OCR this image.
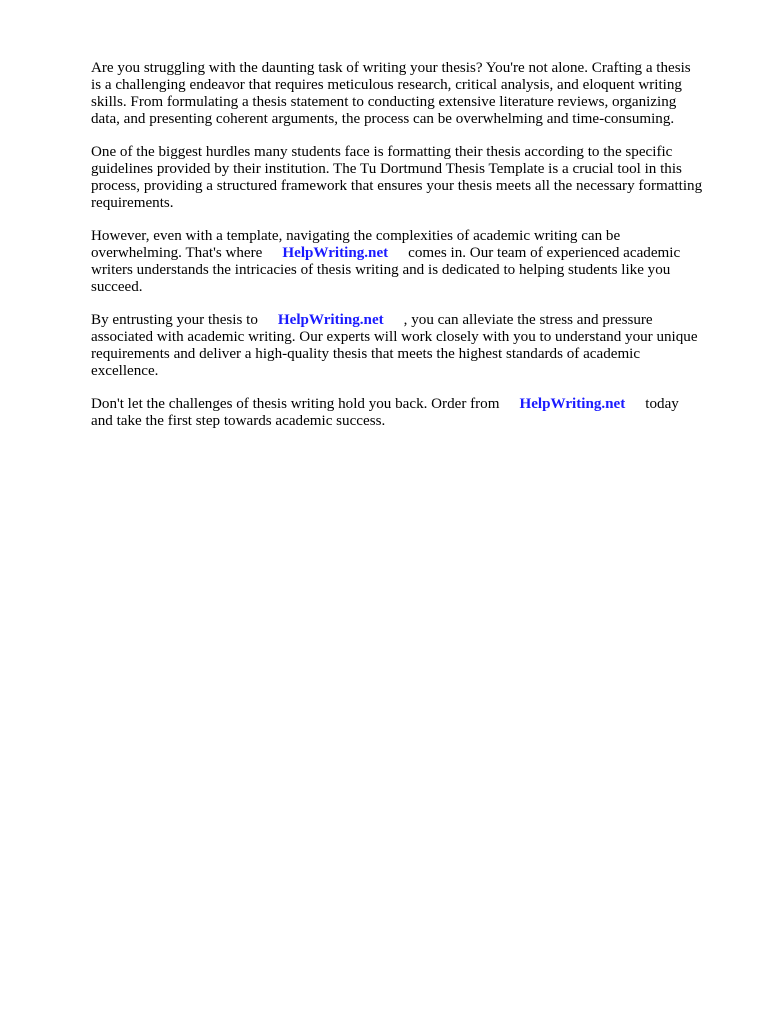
Are you struggling with the daunting task of writing your thesis? You're not alone. Crafting a thesis
is a challenging endeavor that requires meticulous research, critical analysis, and eloquent writing
skills. From formulating a thesis statement to conducting extensive literature reviews, organizing
data, and presenting coherent arguments, the process can be overwhelming and time-consuming.

One of the biggest hurdles many students face is formatting their thesis according to the specific
guidelines provided by their institution. The Tu Dortmund Thesis Template is a crucial tool in this
process, providing a structured framework that ensures your thesis meets all the necessary formatting
requirements.

However, even with a template, navigating the complexities of academic writing can be
overwhelming. That's where HelpWriting.net comes in. Our team of experienced academic
writers understands the intricacies of thesis writing and is dedicated to helping students like you
succeed.

By entrusting your thesis to HelpWriting.net , you can alleviate the stress and pressure
associated with academic writing. Our experts will work closely with you to understand your unique
requirements and deliver a high-quality thesis that meets the highest standards of academic
excellence.

Don't let the challenges of thesis writing hold you back. Order from HelpWriting.net today
and take the first step towards academic success.
